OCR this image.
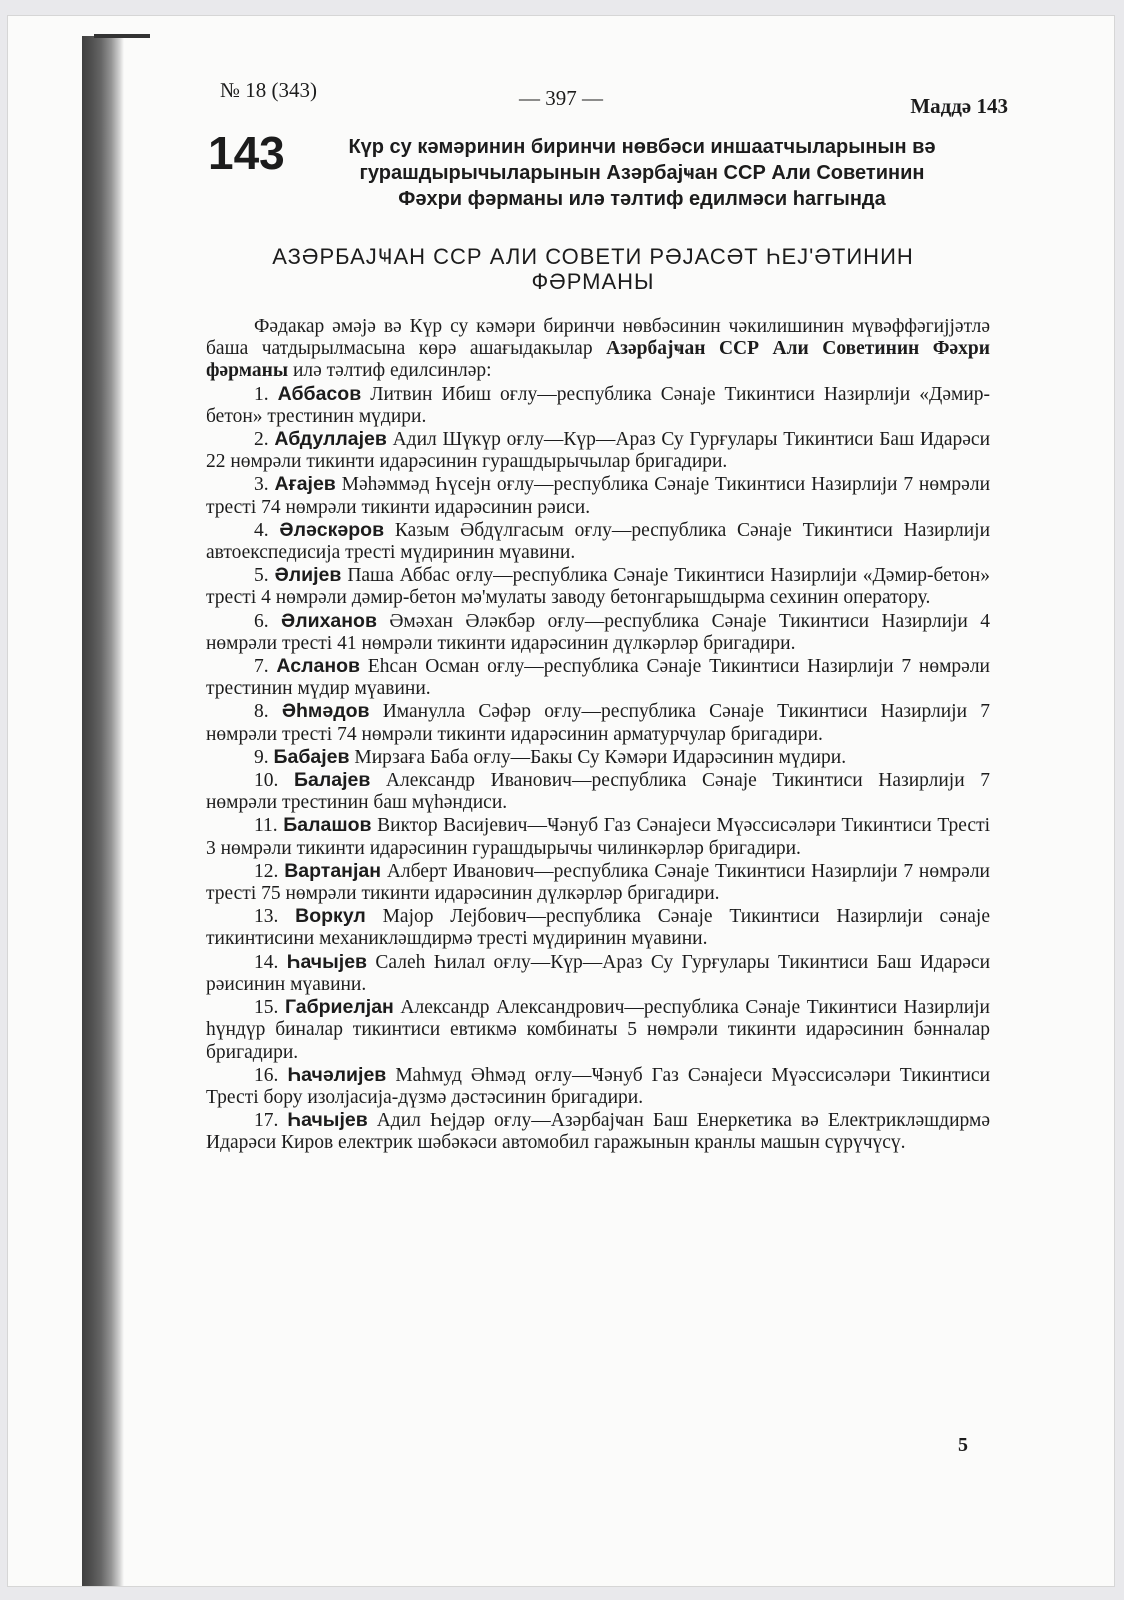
№ 18 (343)	— 397 —	Маддә 143
143	Күр су кәмәринин биринчи нөвбәси иншаатчыларынын вә
гурашдырычыларынын Азәрбајҹан ССР Али Советинин
Фәхри фәрманы илә тәлтиф едилмәси һаггында
АЗӘРБАЈҸАН ССР АЛИ СОВЕТИ РӘЈАСӘТ ҺЕЈ'ӘТИНИН
ФӘРМАНЫ

Фәдакар әмәјә вә Күр су кәмәри биринчи нөвбәсинин чәкилишинин мүвәффәгијјәтлә баша чатдырылмасына көрә ашағыдакылар Азәрбајҹан ССР Али Советинин Фәхри фәрманы илә тәлтиф едилсинләр:

1. Аббасов Литвин Ибиш оғлу—республика Сәнаје Тикинтиси Назирлији «Дәмир-бетон» трестинин мүдири.

2. Абдуллајев Адил Шүкүр оғлу—Күр—Араз Су Гурғулары Тикинтиси Баш Идарәси 22 нөмрәли тикинти идарәсинин гурашдырычылар бригадири.

3. Ағајев Мәһәммәд Һүсејн оғлу—республика Сәнаје Тикинтиси Назирлији 7 нөмрәли тресті 74 нөмрәли тикинти идарәсинин рәиси.

4. Әләскәров Казым Әбдүлгасым оғлу—республика Сәнаје Тикинтиси Назирлији автоекспедисија тресті мүдиринин мүавини.

5. Әлијев Паша Аббас оғлу—республика Сәнаје Тикинтиси Назирлији «Дәмир-бетон» тресті 4 нөмрәли дәмир-бетон мә'мулаты заводу бетонгарышдырма сехинин оператору.

6. Әлиханов Әмәхан Әләкбәр оғлу—республика Сәнаје Тикинтиси Назирлији 4 нөмрәли тресті 41 нөмрәли тикинти идарәсинин дүлкәрләр бригадири.

7. Асланов Еһсан Осман оғлу—республика Сәнаје Тикинтиси Назирлији 7 нөмрәли трестинин мүдир мүавини.

8. Әһмәдов Иманулла Сәфәр оғлу—республика Сәнаје Тикинтиси Назирлији 7 нөмрәли тресті 74 нөмрәли тикинти идарәсинин арматурчулар бригадири.

9. Бабајев Мирзаға Баба оғлу—Бакы Су Кәмәри Идарәсинин мүдири.

10. Балајев Александр Иванович—республика Сәнаје Тикинтиси Назирлији 7 нөмрәли трестинин баш мүһәндиси.

11. Балашов Виктор Васијевич—Ҹәнуб Газ Сәнајеси Мүәссисәләри Тикинтиси Тресті 3 нөмрәли тикинти идарәсинин гурашдырычы чилинкәрләр бригадири.

12. Вартанјан Алберт Иванович—республика Сәнаје Тикинтиси Назирлији 7 нөмрәли тресті 75 нөмрәли тикинти идарәсинин дүлкәрләр бригадири.

13. Воркул Мајор Лејбович—республика Сәнаје Тикинтиси Назирлији сәнаје тикинтисини механикләшдирмә тресті мүдиринин мүавини.

14. Һачыјев Салеһ Һилал оғлу—Күр—Араз Су Гурғулары Тикинтиси Баш Идарәси рәисинин мүавини.

15. Габриелјан Александр Александрович—республика Сәнаје Тикинтиси Назирлији һүндүр биналар тикинтиси евтикмә комбинаты 5 нөмрәли тикинти идарәсинин бәнналар бригадири.

16. Һачәлијев Маһмуд Әһмәд оғлу—Ҹәнуб Газ Сәнајеси Мүәссисәләри Тикинтиси Тресті бору изолјасија-дүзмә дәстәсинин бригадири.

17. Һачыјев Адил Һејдәр оғлу—Азәрбајҹан Баш Енеркетика вә Електрикләшдирмә Идарәси Киров електрик шәбәкәси автомобил гаражынын кранлы машын сүрүчүсү.

5
